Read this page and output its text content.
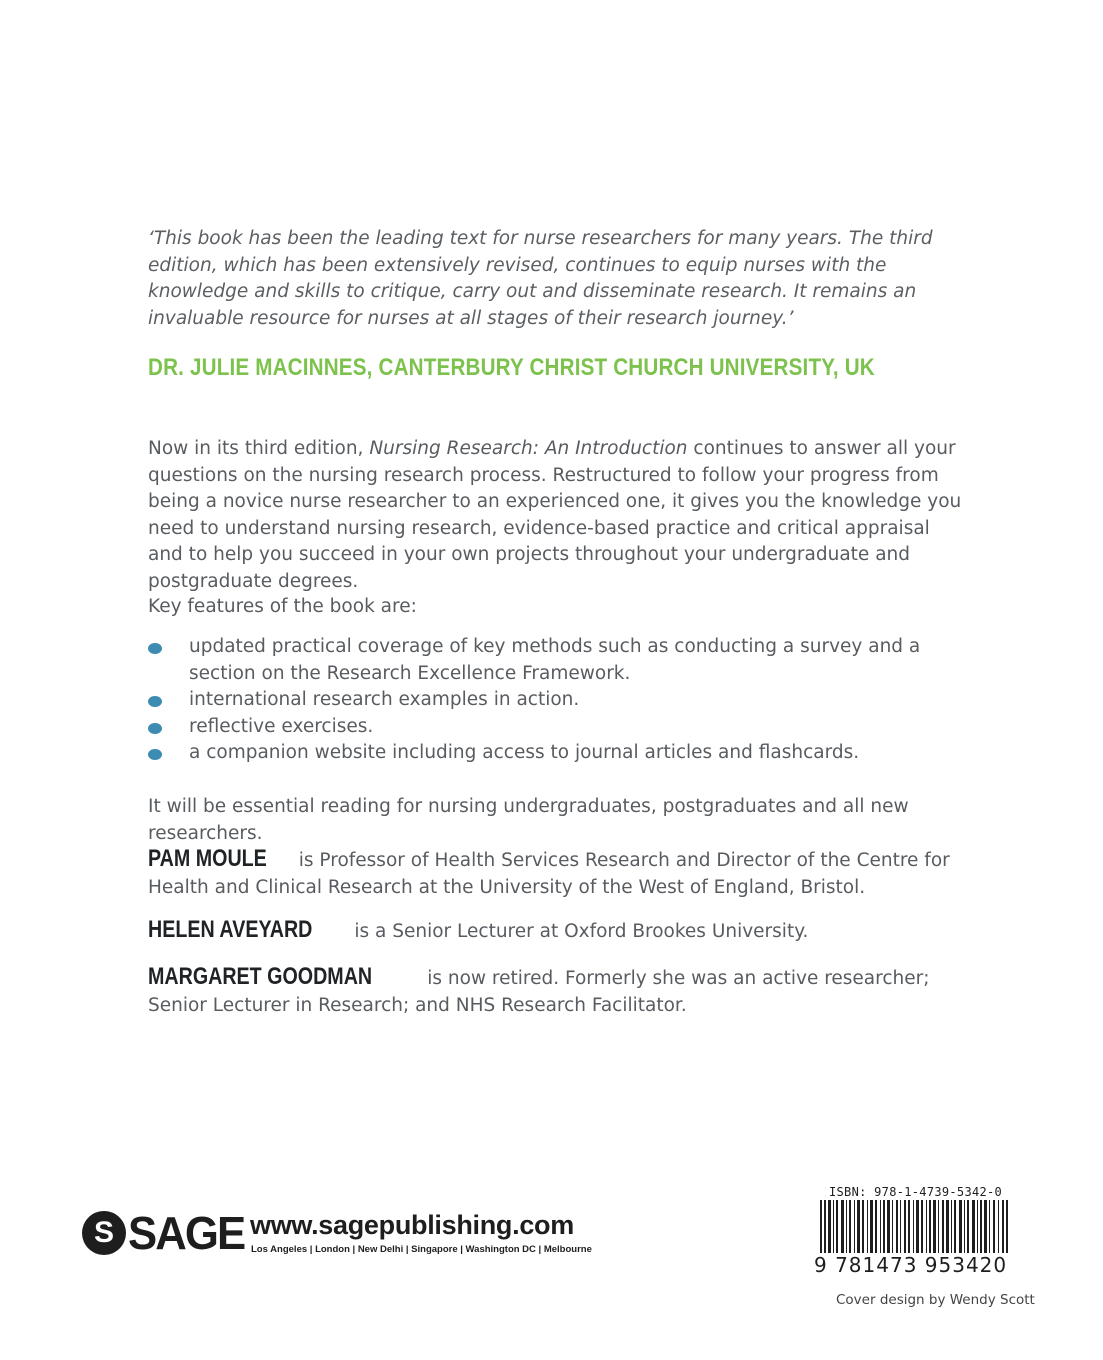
‘This book has been the leading text for nurse researchers for many years. The third edition, which has been extensively revised, continues to equip nurses with the knowledge and skills to critique, carry out and disseminate research. It remains an invaluable resource for nurses at all stages of their research journey.’
DR. JULIE MACINNES, CANTERBURY CHRIST CHURCH UNIVERSITY, UK
Now in its third edition, Nursing Research: An Introduction continues to answer all your questions on the nursing research process. Restructured to follow your progress from being a novice nurse researcher to an experienced one, it gives you the knowledge you need to understand nursing research, evidence-based practice and critical appraisal and to help you succeed in your own projects throughout your undergraduate and postgraduate degrees.
Key features of the book are:
updated practical coverage of key methods such as conducting a survey and a section on the Research Excellence Framework.
international research examples in action.
reflective exercises.
a companion website including access to journal articles and flashcards.
It will be essential reading for nursing undergraduates, postgraduates and all new researchers.
PAM MOULE is Professor of Health Services Research and Director of the Centre for Health and Clinical Research at the University of the West of England, Bristol.
HELEN AVEYARD is a Senior Lecturer at Oxford Brookes University.
MARGARET GOODMAN	is now retired. Formerly she was an active researcher; Senior Lecturer in Research; and NHS Research Facilitator.
S SAGE www.sagepublishing.com
Los Angeles | London | New Delhi | Singapore | Washington DC | Melbourne
ISBN: 978-1-4739-5342-0
9 781473 953420
Cover design by Wendy Scott
